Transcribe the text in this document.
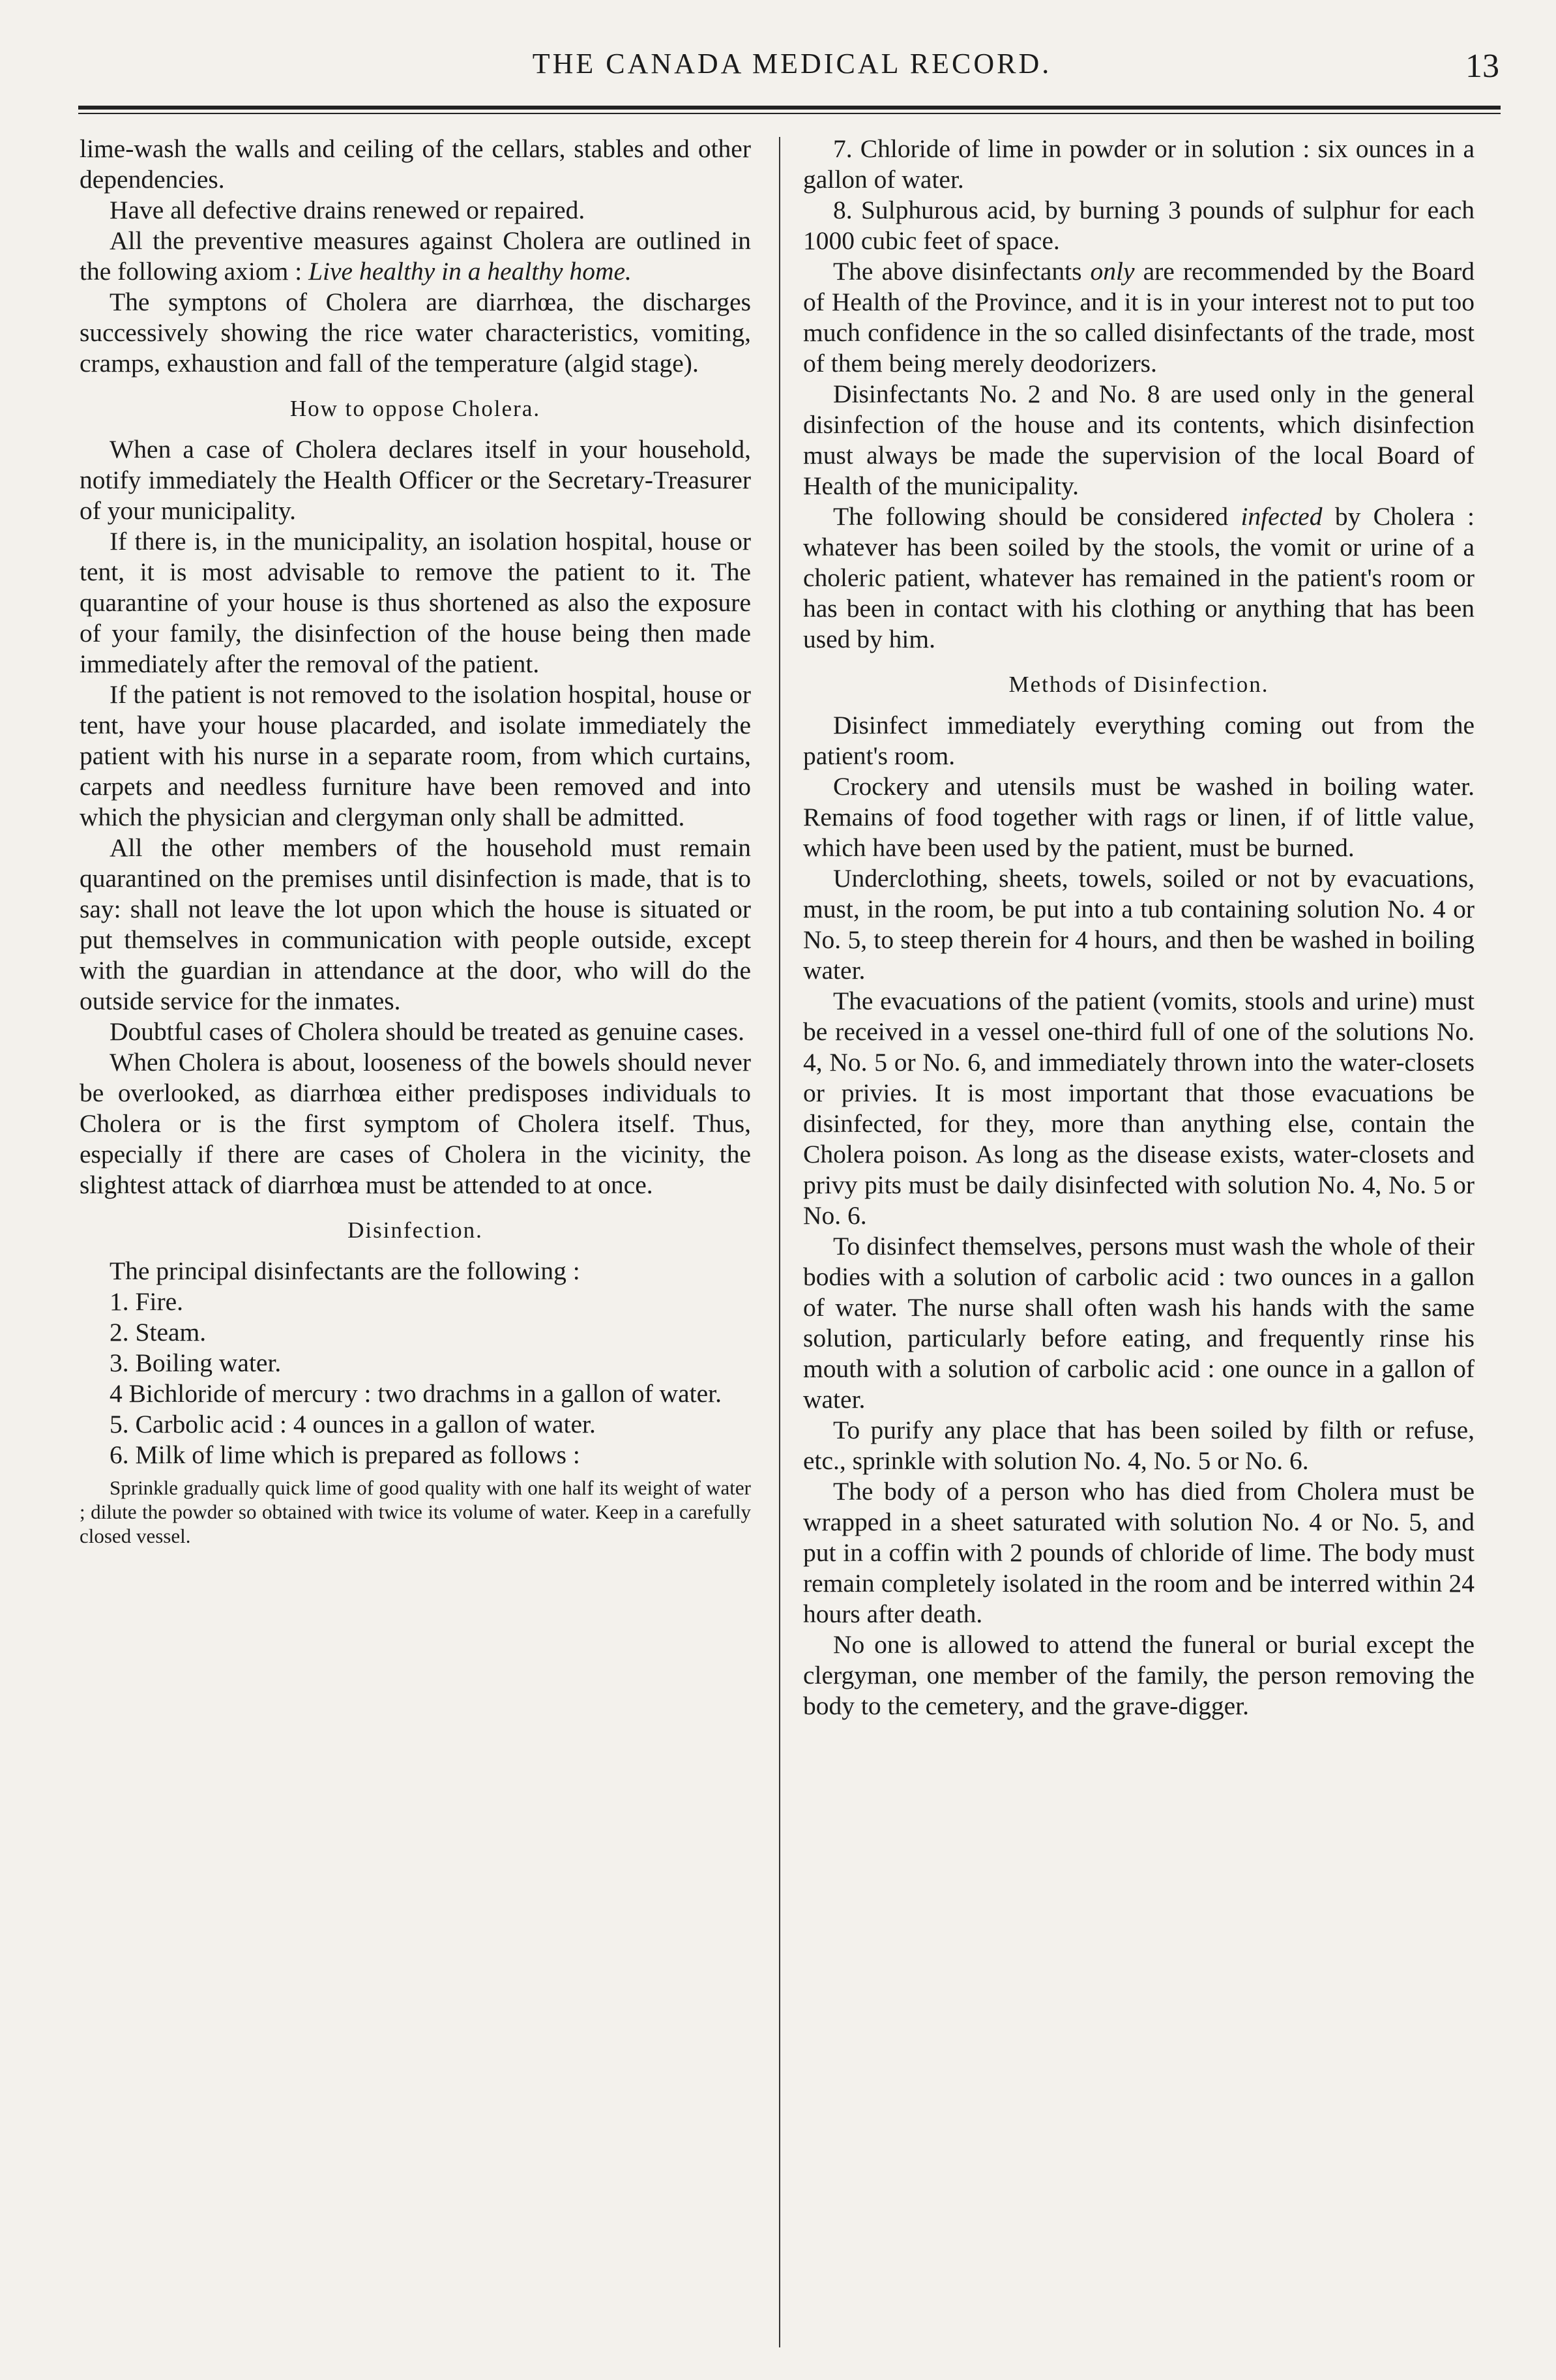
THE CANADA MEDICAL RECORD.	13

lime-wash the walls and ceiling of the cellars, stables and other dependencies.

Have all defective drains renewed or repaired.

All the preventive measures against Cholera are outlined in the following axiom : Live healthy in a healthy home.

The symptons of Cholera are diarrhœa, the discharges successively showing the rice water characteristics, vomiting, cramps, exhaustion and fall of the temperature (algid stage).

How to oppose Cholera.

When a case of Cholera declares itself in your household, notify immediately the Health Officer or the Secretary-Treasurer of your municipality.

If there is, in the municipality, an isolation hospital, house or tent, it is most advisable to remove the patient to it. The quarantine of your house is thus shortened as also the exposure of your family, the disinfection of the house being then made immediately after the removal of the patient.

If the patient is not removed to the isolation hospital, house or tent, have your house placarded, and isolate immediately the patient with his nurse in a separate room, from which curtains, carpets and needless furniture have been removed and into which the physician and clergyman only shall be admitted.

All the other members of the household must remain quarantined on the premises until disinfection is made, that is to say: shall not leave the lot upon which the house is situated or put themselves in communication with people outside, except with the guardian in attendance at the door, who will do the outside service for the inmates.

Doubtful cases of Cholera should be treated as genuine cases.

When Cholera is about, looseness of the bowels should never be overlooked, as diarrhœa either predisposes individuals to Cholera or is the first symptom of Cholera itself. Thus, especially if there are cases of Cholera in the vicinity, the slightest attack of diarrhœa must be attended to at once.

Disinfection.

The principal disinfectants are the following :

1. Fire.

2. Steam.

3. Boiling water.

4 Bichloride of mercury : two drachms in a gallon of water.

5. Carbolic acid : 4 ounces in a gallon of water.

6. Milk of lime which is prepared as follows :

Sprinkle gradually quick lime of good quality with one half its weight of water ; dilute the powder so obtained with twice its volume of water. Keep in a carefully closed vessel.

7. Chloride of lime in powder or in solution : six ounces in a gallon of water.

8. Sulphurous acid, by burning 3 pounds of sulphur for each 1000 cubic feet of space.

The above disinfectants only are recommended by the Board of Health of the Province, and it is in your interest not to put too much confidence in the so called disinfectants of the trade, most of them being merely deodorizers.

Disinfectants No. 2 and No. 8 are used only in the general disinfection of the house and its contents, which disinfection must always be made the supervision of the local Board of Health of the municipality.

The following should be considered infected by Cholera : whatever has been soiled by the stools, the vomit or urine of a choleric patient, whatever has remained in the patient's room or has been in contact with his clothing or anything that has been used by him.

Methods of Disinfection.

Disinfect immediately everything coming out from the patient's room.

Crockery and utensils must be washed in boiling water. Remains of food together with rags or linen, if of little value, which have been used by the patient, must be burned.

Underclothing, sheets, towels, soiled or not by evacuations, must, in the room, be put into a tub containing solution No. 4 or No. 5, to steep therein for 4 hours, and then be washed in boiling water.

The evacuations of the patient (vomits, stools and urine) must be received in a vessel one-third full of one of the solutions No. 4, No. 5 or No. 6, and immediately thrown into the water-closets or privies. It is most important that those evacuations be disinfected, for they, more than anything else, contain the Cholera poison. As long as the disease exists, water-closets and privy pits must be daily disinfected with solution No. 4, No. 5 or No. 6.

To disinfect themselves, persons must wash the whole of their bodies with a solution of carbolic acid : two ounces in a gallon of water. The nurse shall often wash his hands with the same solution, particularly before eating, and frequently rinse his mouth with a solution of carbolic acid : one ounce in a gallon of water.

To purify any place that has been soiled by filth or refuse, etc., sprinkle with solution No. 4, No. 5 or No. 6.

The body of a person who has died from Cholera must be wrapped in a sheet saturated with solution No. 4 or No. 5, and put in a coffin with 2 pounds of chloride of lime. The body must remain completely isolated in the room and be interred within 24 hours after death.

No one is allowed to attend the funeral or burial except the clergyman, one member of the family, the person removing the body to the cemetery, and the grave-digger.
